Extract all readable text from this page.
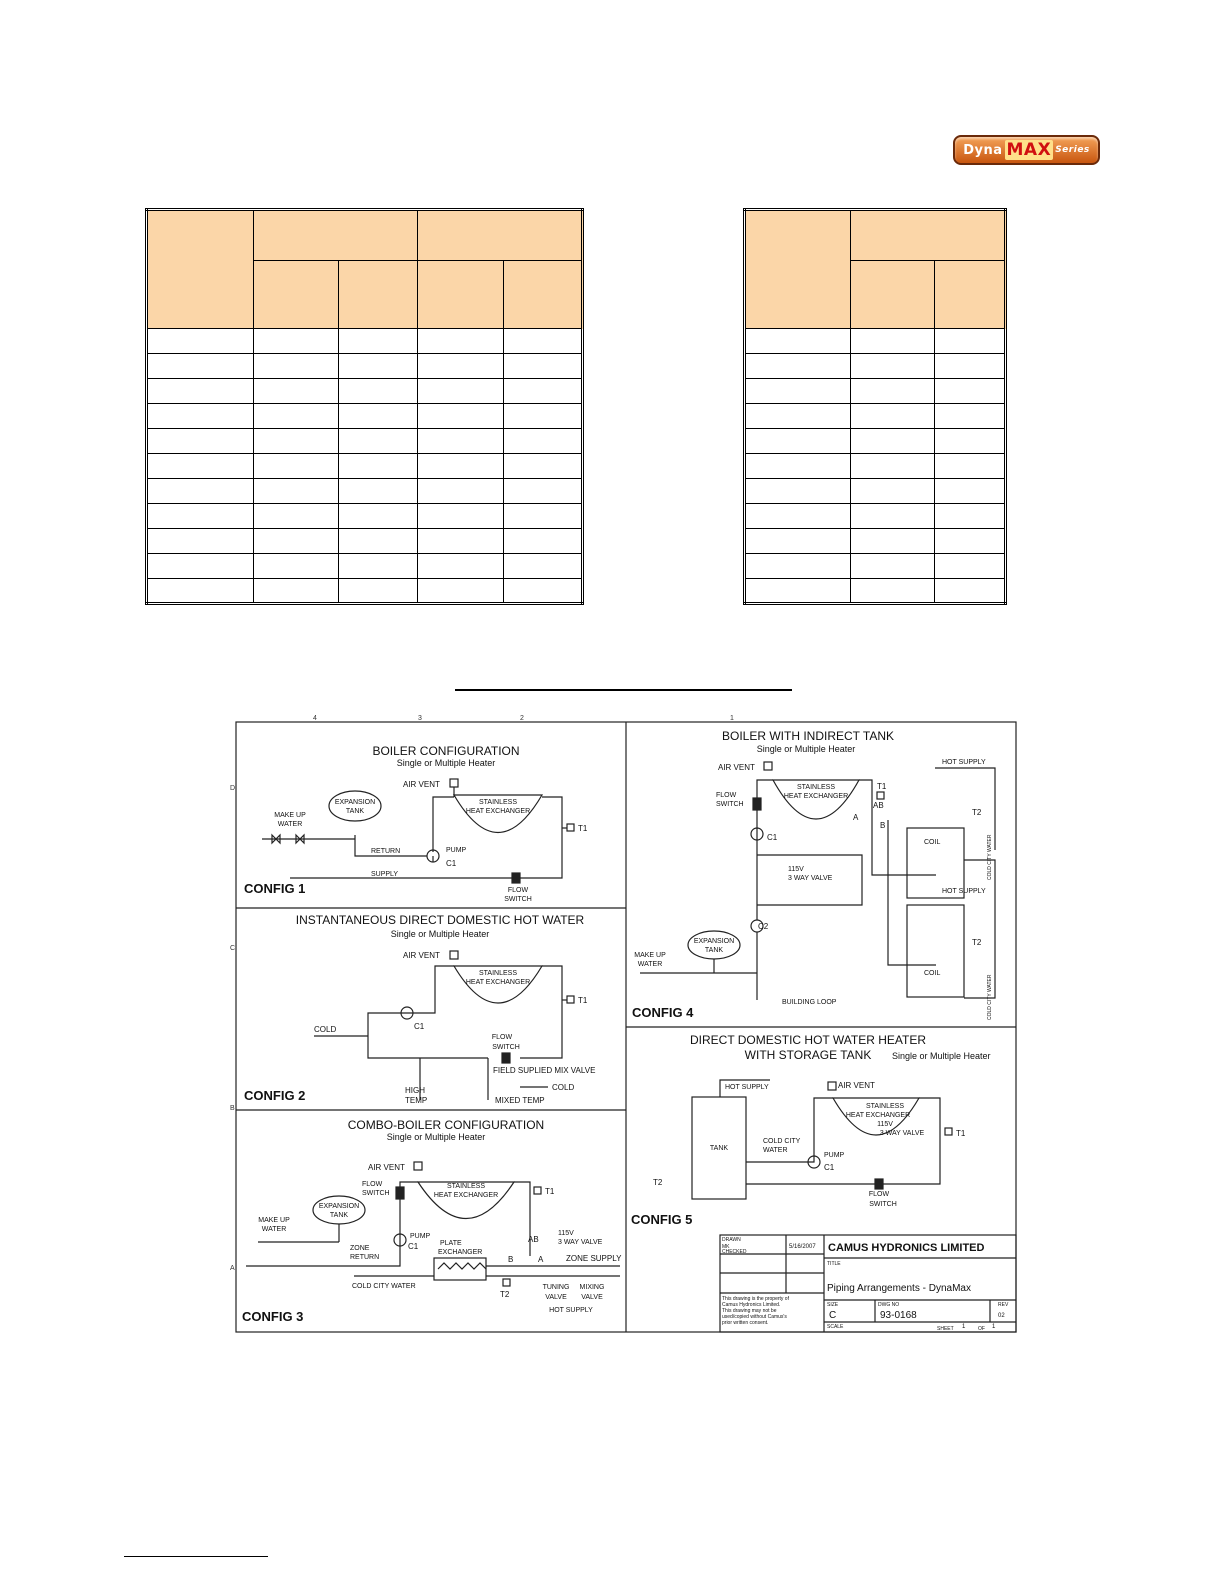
Dyna MAX Series

4	3	2	1
D
C
B
A
BOILER CONFIGURATION
Single or Multiple Heater
AIR VENT
EXPANSION
TANK
STAINLESS
HEAT EXCHANGER
MAKE UP
WATER
RETURN	PUMP
C1
T1
SUPPLY
FLOW
SWITCH
CONFIG 1
INSTANTANEOUS DIRECT DOMESTIC HOT WATER
Single or Multiple Heater
AIR VENT
STAINLESS
HEAT EXCHANGER
COLD	C1
T1
FLOW
SWITCH
FIELD SUPLIED MIX VALVE
COLD
HIGH
TEMP	MIXED TEMP
CONFIG 2
COMBO-BOILER CONFIGURATION
Single or Multiple Heater
AIR VENT
FLOW
SWITCH
STAINLESS
HEAT EXCHANGER	T1
EXPANSION
TANK
MAKE UP
WATER
PUMP
C1
AB
115V
3 WAY VALVE
PLATE
EXCHANGER
ZONE
RETURN	B	A	ZONE SUPPLY
COLD CITY WATER
T2
TUNING
VALVE
MIXING
VALVE
HOT SUPPLY
CONFIG 3
BOILER WITH INDIRECT TANK
Single or Multiple Heater
AIR VENT
STAINLESS
HEAT EXCHANGER
FLOW
SWITCH
T1
AB
A
B
C1
115V
3 WAY VALVE
HOT SUPPLY
T2
COIL	COLD CITY WATER
HOT SUPPLY
T2
COIL
COLD CITY WATER
C2
EXPANSION
TANK
MAKE UP
WATER
BUILDING LOOP
CONFIG 4
DIRECT DOMESTIC HOT WATER HEATER
WITH STORAGE TANK Single or Multiple Heater
HOT SUPPLY	AIR VENT
STAINLESS
HEAT EXCHANGER
115V
3 WAY VALVE	T1
TANK
COLD CITY
WATER
PUMP
C1
T2
FLOW
SWITCH
CONFIG 5
DRAWN
MK	5/16/2007
CHECKED	CAMUS HYDRONICS LIMITED
TITLE
Piping Arrangements - DynaMax
This drawing is the property of
Camus Hydronics Limited.
This drawing may not be
used/copied without Camus's
prior written consent.
SIZE
C
DWG NO
93-0168
REV
02
SCALE	SHEET 1	OF 1
